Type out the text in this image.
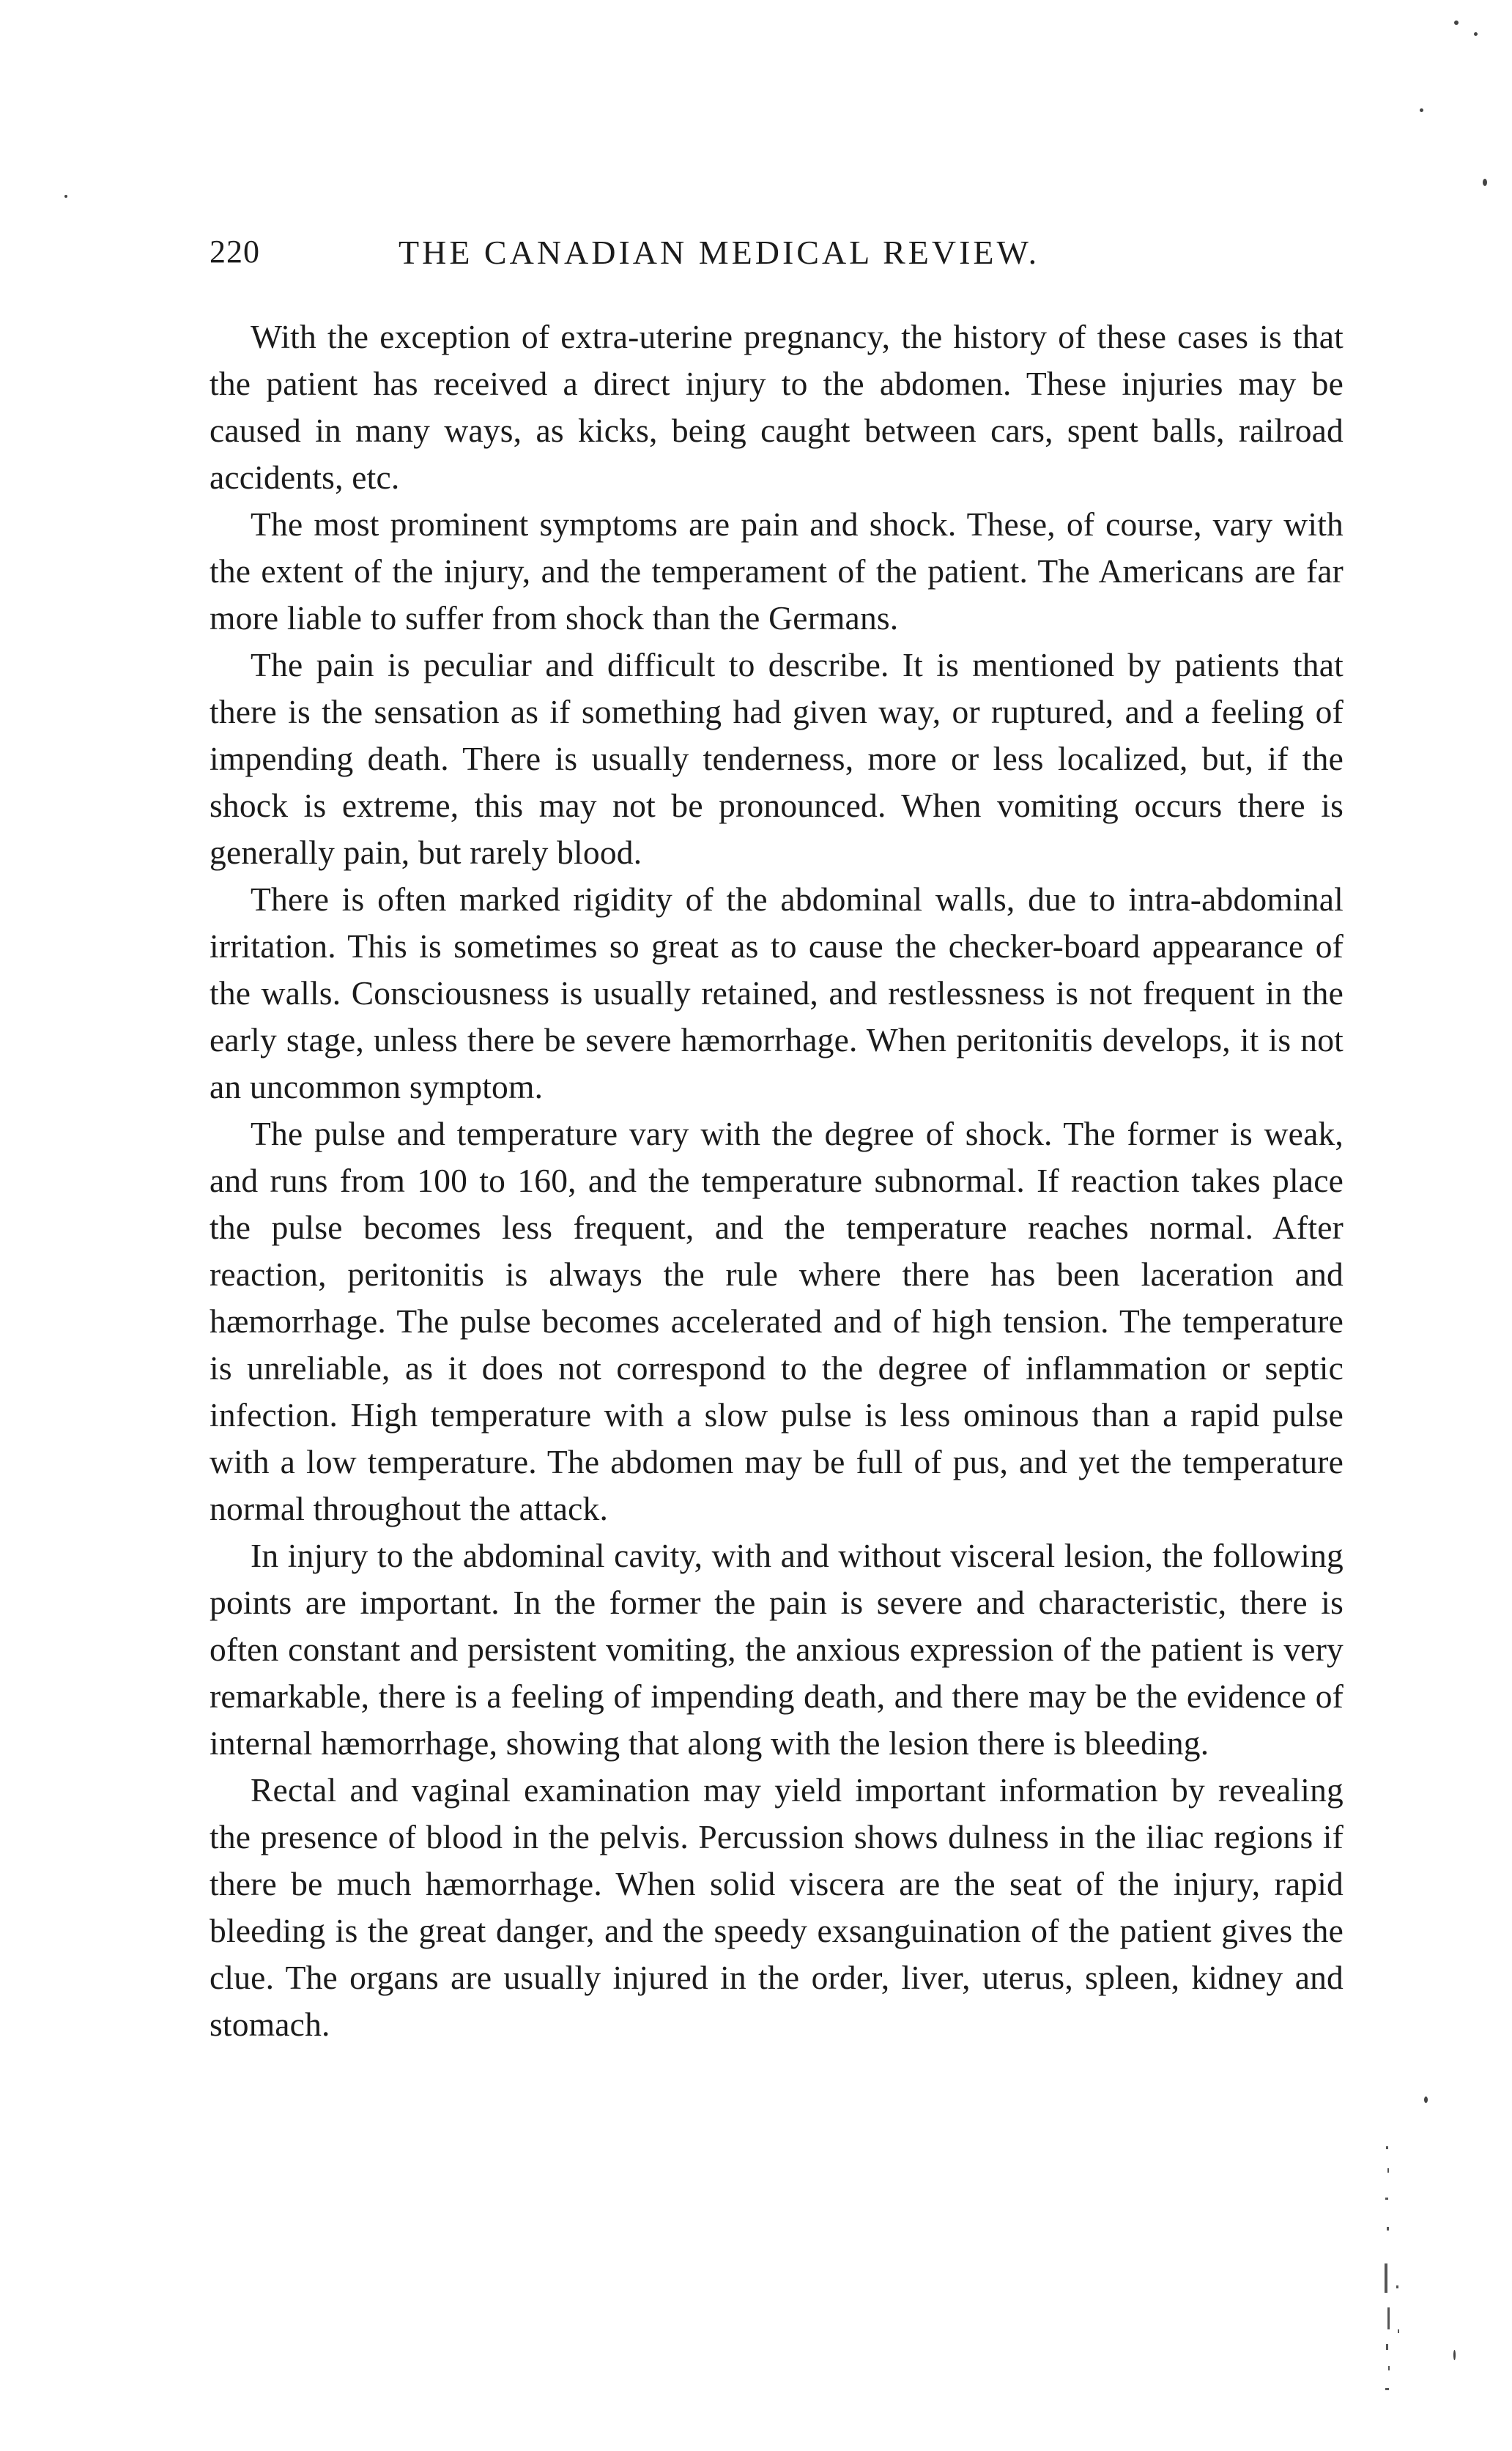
220	THE CANADIAN MEDICAL REVIEW.

With the exception of extra-uterine pregnancy, the history of these cases is that the patient has received a direct injury to the abdomen. These injuries may be caused in many ways, as kicks, being caught between cars, spent balls, railroad accidents, etc.

The most prominent symptoms are pain and shock. These, of course, vary with the extent of the injury, and the temperament of the patient. The Americans are far more liable to suffer from shock than the Germans.

The pain is peculiar and difficult to describe. It is mentioned by patients that there is the sensation as if something had given way, or ruptured, and a feeling of impending death. There is usually tenderness, more or less localized, but, if the shock is extreme, this may not be pronounced. When vomiting occurs there is generally pain, but rarely blood.

There is often marked rigidity of the abdominal walls, due to intra-abdominal irritation. This is sometimes so great as to cause the checker-board appearance of the walls. Consciousness is usually retained, and restlessness is not frequent in the early stage, unless there be severe hæmorrhage. When peritonitis develops, it is not an uncommon symptom.

The pulse and temperature vary with the degree of shock. The former is weak, and runs from 100 to 160, and the temperature subnormal. If reaction takes place the pulse becomes less frequent, and the temperature reaches normal. After reaction, peritonitis is always the rule where there has been laceration and hæmorrhage. The pulse becomes accelerated and of high tension. The temperature is unreliable, as it does not correspond to the degree of inflammation or septic infection. High temperature with a slow pulse is less ominous than a rapid pulse with a low temperature. The abdomen may be full of pus, and yet the temperature normal throughout the attack.

In injury to the abdominal cavity, with and without visceral lesion, the following points are important. In the former the pain is severe and characteristic, there is often constant and persistent vomiting, the anxious expression of the patient is very remarkable, there is a feeling of impending death, and there may be the evidence of internal hæmorrhage, showing that along with the lesion there is bleeding.

Rectal and vaginal examination may yield important information by revealing the presence of blood in the pelvis. Percussion shows dulness in the iliac regions if there be much hæmorrhage. When solid viscera are the seat of the injury, rapid bleeding is the great danger, and the speedy exsanguination of the patient gives the clue. The organs are usually injured in the order, liver, uterus, spleen, kidney and stomach.
